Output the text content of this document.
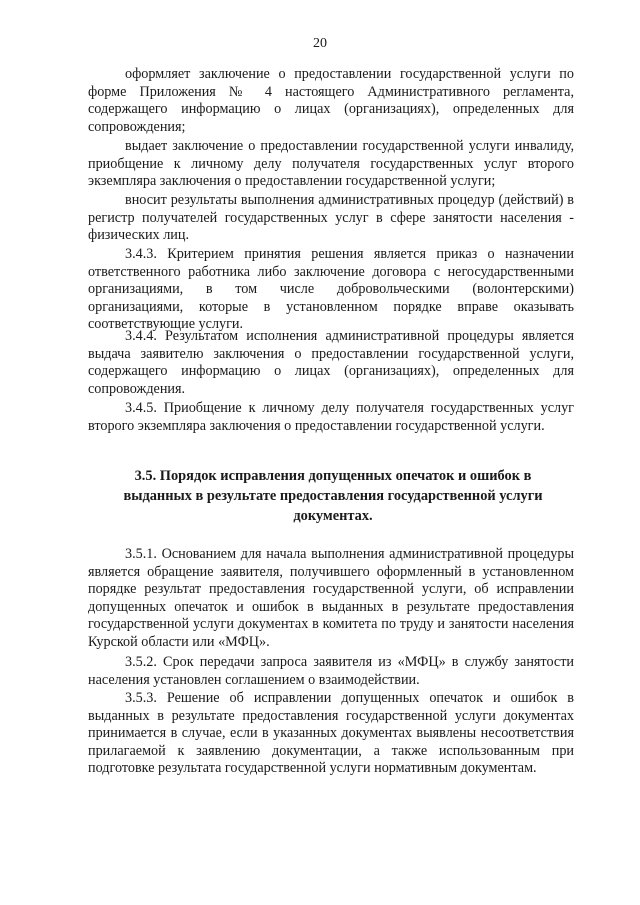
20

оформляет заключение о предоставлении государственной услуги по форме Приложения № 4 настоящего Административного регламента, содержащего информацию о лицах (организациях), определенных для сопровождения;

выдает заключение о предоставлении государственной услуги инвалиду, приобщение к личному делу получателя государственных услуг второго экземпляра заключения о предоставлении государственной услуги;

вносит результаты выполнения административных процедур (действий) в регистр получателей государственных услуг в сфере занятости населения - физических лиц.

3.4.3. Критерием принятия решения является приказ о назначении ответственного работника либо заключение договора с негосударственными организациями, в том числе добровольческими (волонтерскими) организациями, которые в установленном порядке вправе оказывать соответствующие услуги.

3.4.4. Результатом исполнения административной процедуры является выдача заявителю заключения о предоставлении государственной услуги, содержащего информацию о лицах (организациях), определенных для сопровождения.

3.4.5. Приобщение к личному делу получателя государственных услуг второго экземпляра заключения о предоставлении государственной услуги.

3.5. Порядок исправления допущенных опечаток и ошибок в выданных в результате предоставления государственной услуги документах.

3.5.1. Основанием для начала выполнения административной процедуры является обращение заявителя, получившего оформленный в установленном порядке результат предоставления государственной услуги, об исправлении допущенных опечаток и ошибок в выданных в результате предоставления государственной услуги документах в комитета по труду и занятости населения Курской области или «МФЦ».

3.5.2. Срок передачи запроса заявителя из «МФЦ» в службу занятости населения установлен соглашением о взаимодействии.

3.5.3. Решение об исправлении допущенных опечаток и ошибок в выданных в результате предоставления государственной услуги документах принимается в случае, если в указанных документах выявлены несоответствия прилагаемой к заявлению документации, а также использованным при подготовке результата государственной услуги нормативным документам.
